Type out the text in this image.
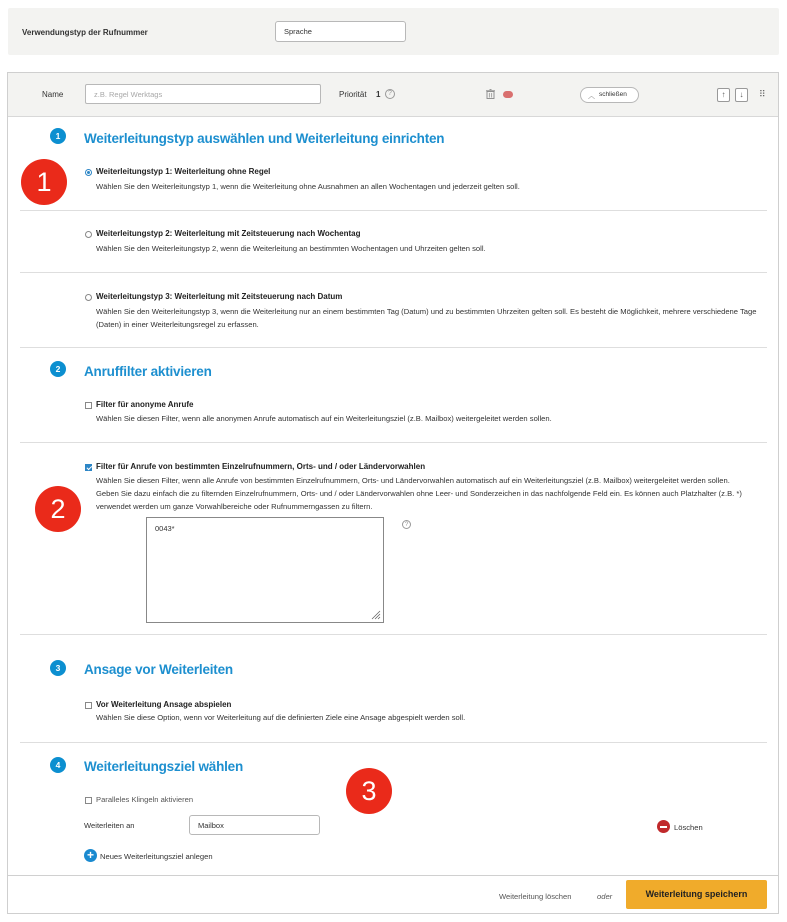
Verwendungstyp der Rufnummer	Sprache
Name	z.B. Regel Werktags	Priorität 1	?	︿ schließen	↑	↓	⠿
1	Weiterleitungstyp auswählen und Weiterleitung einrichten
1	Weiterleitungstyp 1: Weiterleitung ohne Regel
Wählen Sie den Weiterleitungstyp 1, wenn die Weiterleitung ohne Ausnahmen an allen Wochentagen und jederzeit gelten soll.
Weiterleitungstyp 2: Weiterleitung mit Zeitsteuerung nach Wochentag
Wählen Sie den Weiterleitungstyp 2, wenn die Weiterleitung an bestimmten Wochentagen und Uhrzeiten gelten soll.
Weiterleitungstyp 3: Weiterleitung mit Zeitsteuerung nach Datum
Wählen Sie den Weiterleitungstyp 3, wenn die Weiterleitung nur an einem bestimmten Tag (Datum) und zu bestimmten Uhrzeiten gelten soll. Es besteht die Möglichkeit, mehrere verschiedene Tage (Daten) in einer Weiterleitungsregel zu erfassen.
2	Anruffilter aktivieren
Filter für anonyme Anrufe
Wählen Sie diesen Filter, wenn alle anonymen Anrufe automatisch auf ein Weiterleitungsziel (z.B. Mailbox) weitergeleitet werden sollen.
Filter für Anrufe von bestimmten Einzelrufnummern, Orts- und / oder Ländervorwahlen
Wählen Sie diesen Filter, wenn alle Anrufe von bestimmten Einzelrufnummern, Orts- und Ländervorwahlen automatisch auf ein Weiterleitungsziel (z.B. Mailbox) weitergeleitet werden sollen. Geben Sie dazu einfach die zu filternden Einzelrufnummern, Orts- und / oder Ländervorwahlen ohne Leer- und Sonderzeichen in das nachfolgende Feld ein. Es können auch Platzhalter (z.B. *) verwendet werden um ganze Vorwahlbereiche oder Rufnummerngassen zu filtern.
2
0043*	?
3	Ansage vor Weiterleiten
Vor Weiterleitung Ansage abspielen
Wählen Sie diese Option, wenn vor Weiterleitung auf die definierten Ziele eine Ansage abgespielt werden soll.
4	Weiterleitungsziel wählen
3
Paralleles Klingeln aktivieren
Weiterleiten an	Mailbox	Löschen
+ Neues Weiterleitungsziel anlegen
Weiterleitung löschen	oder	Weiterleitung speichern
